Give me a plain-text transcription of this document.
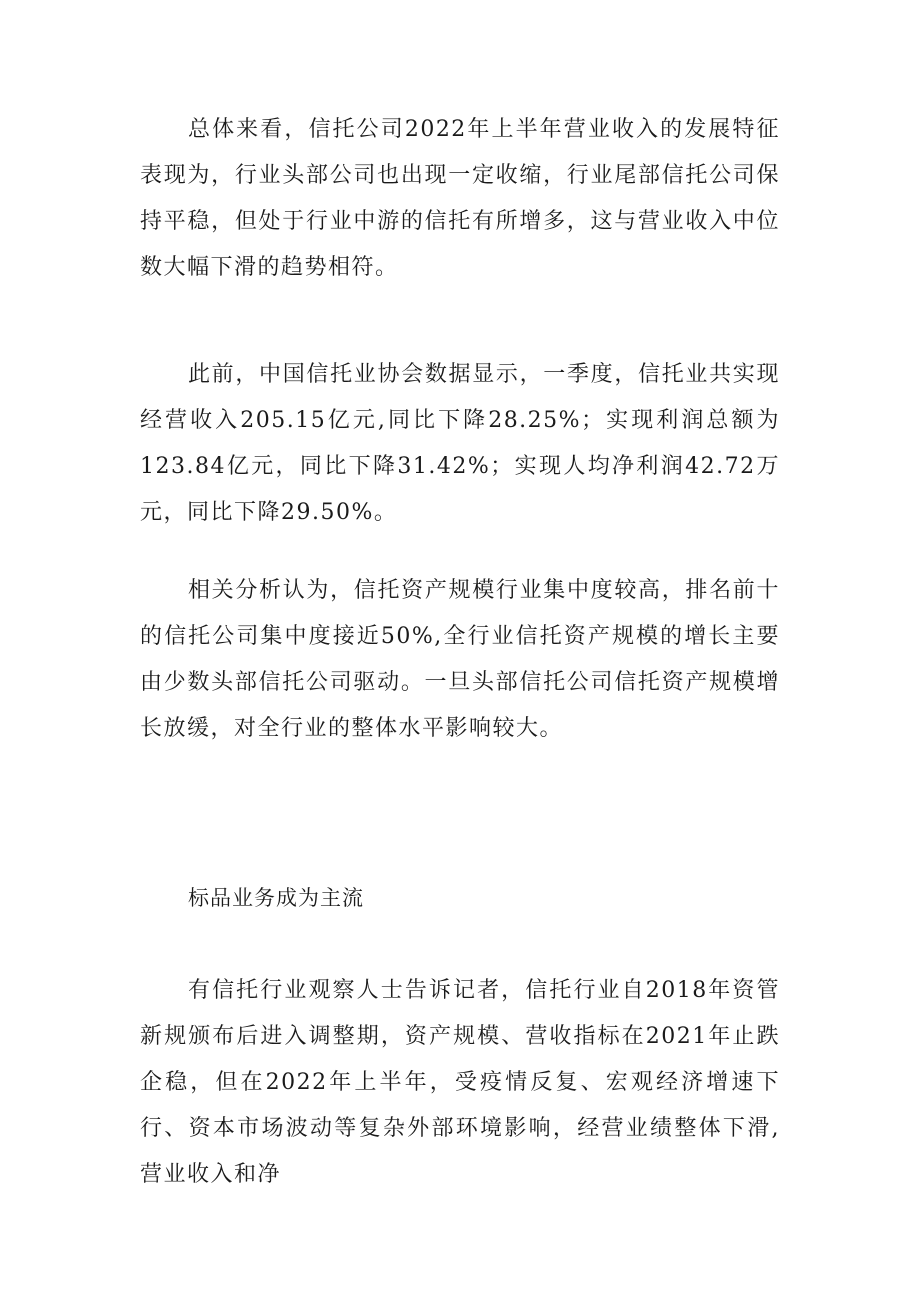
总体来看，信托公司2022年上半年营业收入的发展特征表现为，行业头部公司也出现一定收缩，行业尾部信托公司保持平稳，但处于行业中游的信托有所增多，这与营业收入中位数大幅下滑的趋势相符。

此前，中国信托业协会数据显示，一季度，信托业共实现经营收入205.15亿元,同比下降28.25%；实现利润总额为123.84亿元，同比下降31.42%；实现人均净利润42.72万元，同比下降29.50%。

相关分析认为，信托资产规模行业集中度较高，排名前十的信托公司集中度接近50%,全行业信托资产规模的增长主要由少数头部信托公司驱动。一旦头部信托公司信托资产规模增长放缓，对全行业的整体水平影响较大。

标品业务成为主流

有信托行业观察人士告诉记者，信托行业自2018年资管新规颁布后进入调整期，资产规模、营收指标在2021年止跌企稳，但在2022年上半年，受疫情反复、宏观经济增速下行、资本市场波动等复杂外部环境影响，经营业绩整体下滑,营业收入和净
